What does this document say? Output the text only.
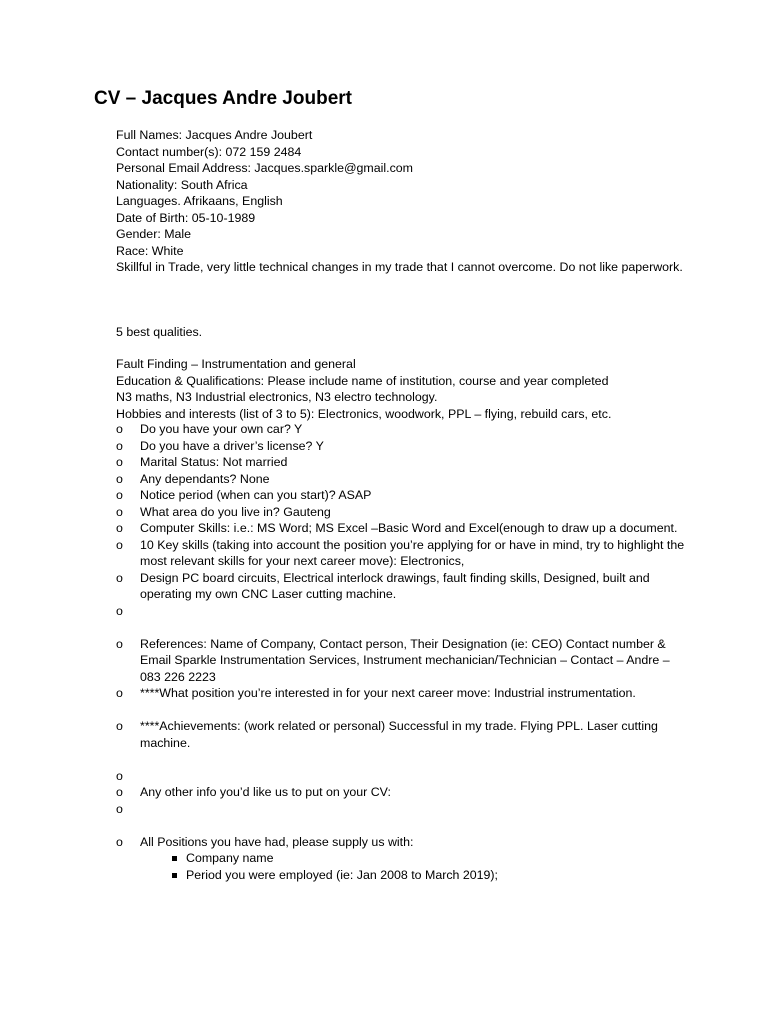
CV – Jacques Andre Joubert

Full Names: Jacques Andre Joubert

Contact number(s): 072 159 2484

Personal Email Address: Jacques.sparkle@gmail.com

Nationality: South Africa

Languages. Afrikaans, English

Date of Birth: 05-10-1989

Gender: Male

Race: White

Skillful in Trade, very little technical changes in my trade that I cannot overcome. Do not like paperwork.

5 best qualities.

Fault Finding – Instrumentation and general

Education & Qualifications: Please include name of institution, course and year completed

N3 maths, N3 Industrial electronics, N3 electro technology.

Hobbies and interests (list of 3 to 5): Electronics, woodwork, PPL – flying, rebuild cars, etc.

o	Do you have your own car? Y
o	Do you have a driver’s license? Y
o	Marital Status: Not married
o	Any dependants? None
o	Notice period (when can you start)? ASAP
o	What area do you live in? Gauteng
o	Computer Skills: i.e.: MS Word; MS Excel –Basic Word and Excel(enough to draw up a document.
o	10 Key skills (taking into account the position you’re applying for or have in mind, try to highlight the most relevant skills for your next career move): Electronics,
o	Design PC board circuits, Electrical interlock drawings, fault finding skills, Designed, built and operating my own CNC Laser cutting machine.
o
o	References: Name of Company, Contact person, Their Designation (ie: CEO) Contact number & Email Sparkle Instrumentation Services, Instrument mechanician/Technician – Contact – Andre – 083 226 2223
o	****What position you’re interested in for your next career move: Industrial instrumentation.
o	****Achievements: (work related or personal) Successful in my trade. Flying PPL. Laser cutting machine.
o
o	Any other info you’d like us to put on your CV:
o
o	All Positions you have had, please supply us with:
Company name
Period you were employed (ie: Jan 2008 to March 2019);
